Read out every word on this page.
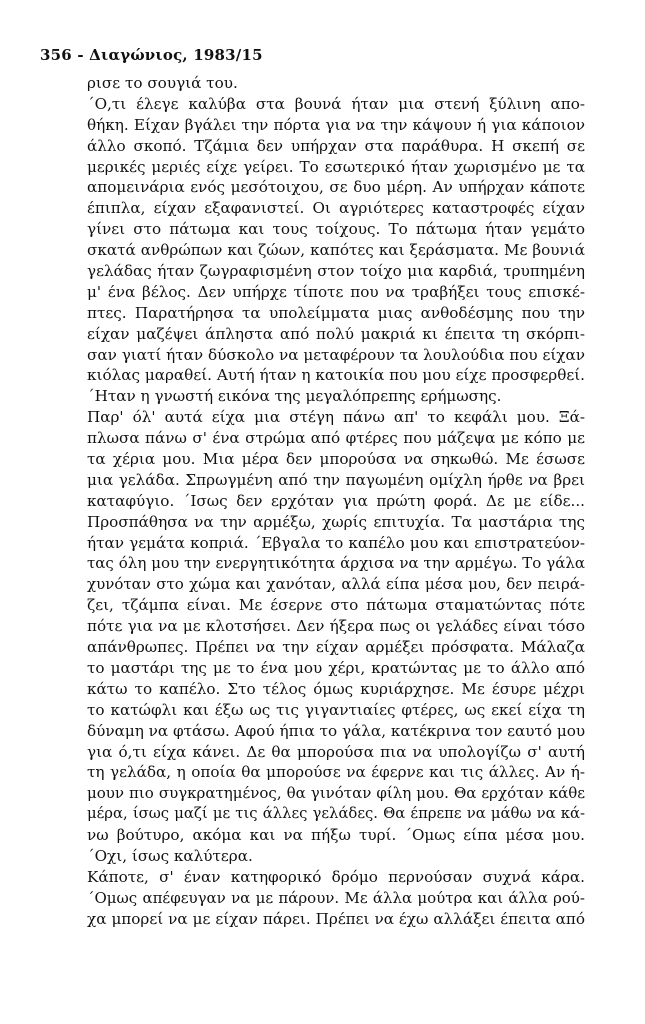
356 - Διαγώνιος, 1983/15
ρισε το σουγιά του.
΄Ο,τι έλεγε καλύβα στα βουνά ήταν μια στενή ξύλινη απο-
θήκη. Είχαν βγάλει την πόρτα για να την κάψουν ή για κάποιον
άλλο σκοπό. Τζάμια δεν υπήρχαν στα παράθυρα. Η σκεπή σε
μερικές μεριές είχε γείρει. Το εσωτερικό ήταν χωρισμένο με τα
απομεινάρια ενός μεσότοιχου, σε δυο μέρη. Αν υπήρχαν κάποτε
έπιπλα, είχαν εξαφανιστεί. Οι αγριότερες καταστροφές είχαν
γίνει στο πάτωμα και τους τοίχους. Το πάτωμα ήταν γεμάτο
σκατά ανθρώπων και ζώων, καπότες και ξεράσματα. Με βουνιά
γελάδας ήταν ζωγραφισμένη στον τοίχο μια καρδιά, τρυπημένη
μ' ένα βέλος. Δεν υπήρχε τίποτε που να τραβήξει τους επισκέ-
πτες. Παρατήρησα τα υπολείμματα μιας ανθοδέσμης που την
είχαν μαζέψει άπληστα από πολύ μακριά κι έπειτα τη σκόρπι-
σαν γιατί ήταν δύσκολο να μεταφέρουν τα λουλούδια που είχαν
κιόλας μαραθεί. Αυτή ήταν η κατοικία που μου είχε προσφερθεί.
΄Ηταν η γνωστή εικόνα της μεγαλόπρεπης ερήμωσης.
Παρ' όλ' αυτά είχα μια στέγη πάνω απ' το κεφάλι μου. Ξά-
πλωσα πάνω σ' ένα στρώμα από φτέρες που μάζεψα με κόπο με
τα χέρια μου. Μια μέρα δεν μπορούσα να σηκωθώ. Με έσωσε
μια γελάδα. Σπρωγμένη από την παγωμένη ομίχλη ήρθε να βρει
καταφύγιο. ΄Ισως δεν ερχόταν για πρώτη φορά. Δε με είδε...
Προσπάθησα να την αρμέξω, χωρίς επιτυχία. Τα μαστάρια της
ήταν γεμάτα κοπριά. ΄Εβγαλα το καπέλο μου και επιστρατεύον-
τας όλη μου την ενεργητικότητα άρχισα να την αρμέγω. Το γάλα
χυνόταν στο χώμα και χανόταν, αλλά είπα μέσα μου, δεν πειρά-
ζει, τζάμπα είναι. Με έσερνε στο πάτωμα σταματώντας πότε
πότε για να με κλοτσήσει. Δεν ήξερα πως οι γελάδες είναι τόσο
απάνθρωπες. Πρέπει να την είχαν αρμέξει πρόσφατα. Μάλαζα
το μαστάρι της με το ένα μου χέρι, κρατώντας με το άλλο από
κάτω το καπέλο. Στο τέλος όμως κυριάρχησε. Με έσυρε μέχρι
το κατώφλι και έξω ως τις γιγαντιαίες φτέρες, ως εκεί είχα τη
δύναμη να φτάσω. Αφού ήπια το γάλα, κατέκρινα τον εαυτό μου
για ό,τι είχα κάνει. Δε θα μπορούσα πια να υπολογίζω σ' αυτή
τη γελάδα, η οποία θα μπορούσε να έφερνε και τις άλλες. Αν ή-
μουν πιο συγκρατημένος, θα γινόταν φίλη μου. Θα ερχόταν κάθε
μέρα, ίσως μαζί με τις άλλες γελάδες. Θα έπρεπε να μάθω να κά-
νω βούτυρο, ακόμα και να πήξω τυρί. ΄Ομως είπα μέσα μου.
΄Οχι, ίσως καλύτερα.
Κάποτε, σ' έναν κατηφορικό δρόμο περνούσαν συχνά κάρα.
΄Ομως απέφευγαν να με πάρουν. Με άλλα μούτρα και άλλα ρού-
χα μπορεί να με είχαν πάρει. Πρέπει να έχω αλλάξει έπειτα από
